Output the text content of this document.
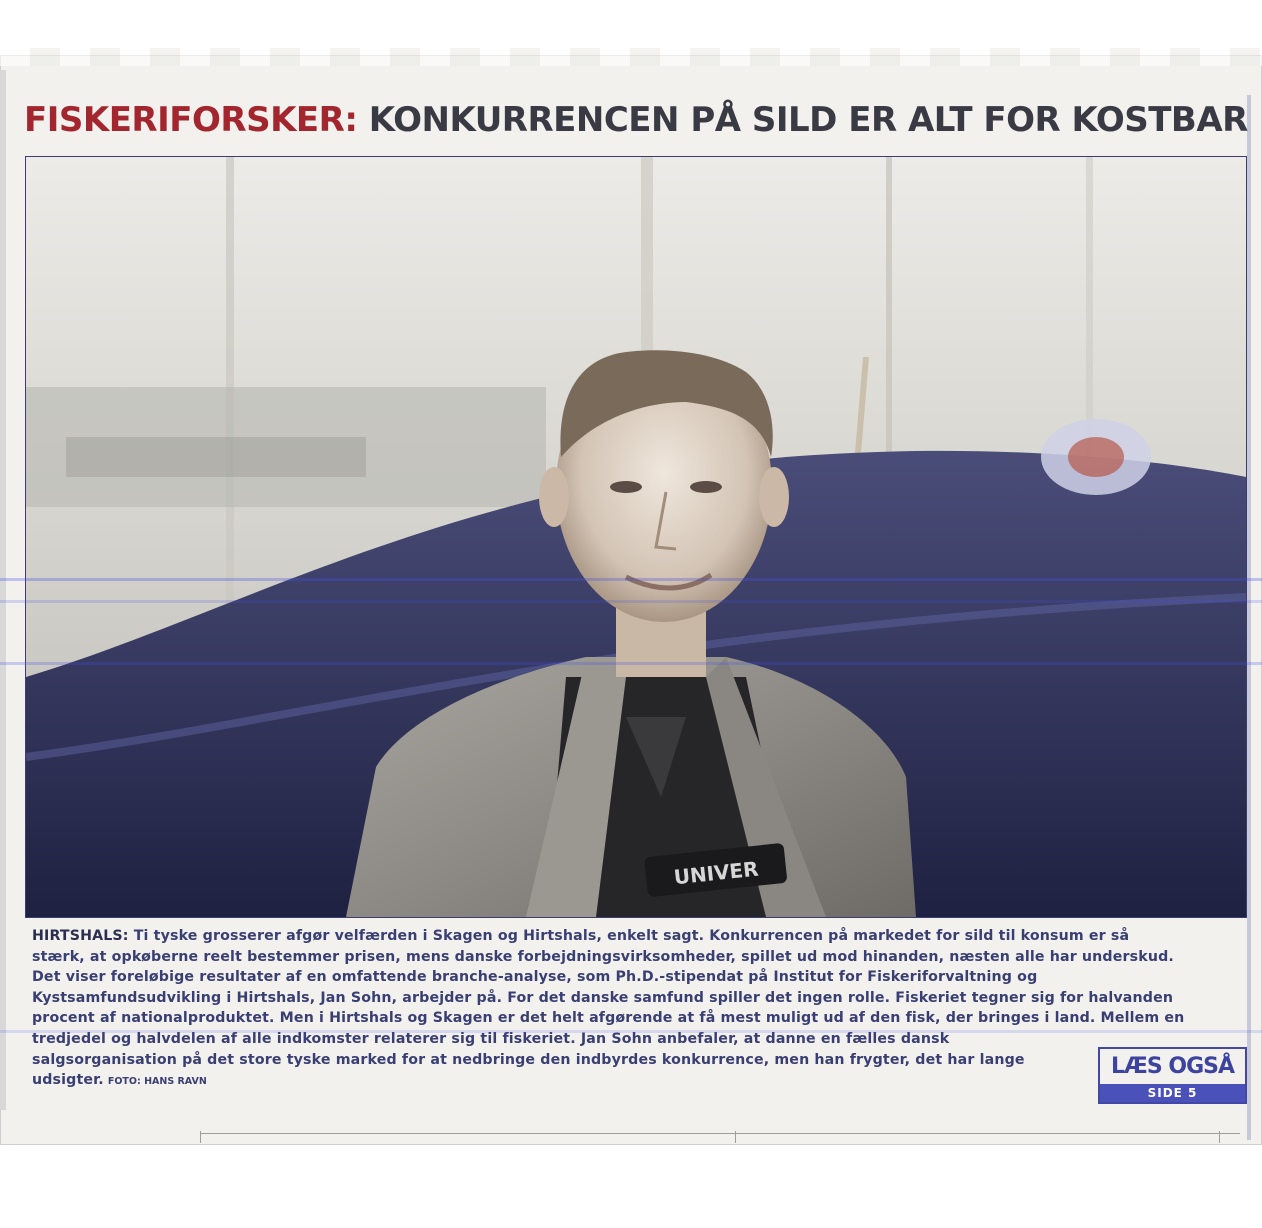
FISKERIFORSKER: KONKURRENCEN PÅ SILD ER ALT FOR KOSTBAR
UNIVER
HIRTSHALS: Ti tyske grosserer afgør velfærden i Skagen og Hirtshals, enkelt sagt. Konkurrencen på markedet for sild til konsum er så
stærk, at opkøberne reelt bestemmer prisen, mens danske forbejdningsvirksomheder, spillet ud mod hinanden, næsten alle har underskud.
Det viser foreløbige resultater af en omfattende branche-analyse, som Ph.D.-stipendat på Institut for Fiskeriforvaltning og
Kystsamfundsudvikling i Hirtshals, Jan Sohn, arbejder på. For det danske samfund spiller det ingen rolle. Fiskeriet tegner sig for halvanden
procent af nationalproduktet. Men i Hirtshals og Skagen er det helt afgørende at få mest muligt ud af den fisk, der bringes i land. Mellem en
tredjedel og halvdelen af alle indkomster relaterer sig til fiskeriet. Jan Sohn anbefaler, at danne en fælles dansk
salgsorganisation på det store tyske marked for at nedbringe den indbyrdes konkurrence, men han frygter, det har lange
udsigter. FOTO: HANS RAVN
LÆS OGSÅ
SIDE 5
